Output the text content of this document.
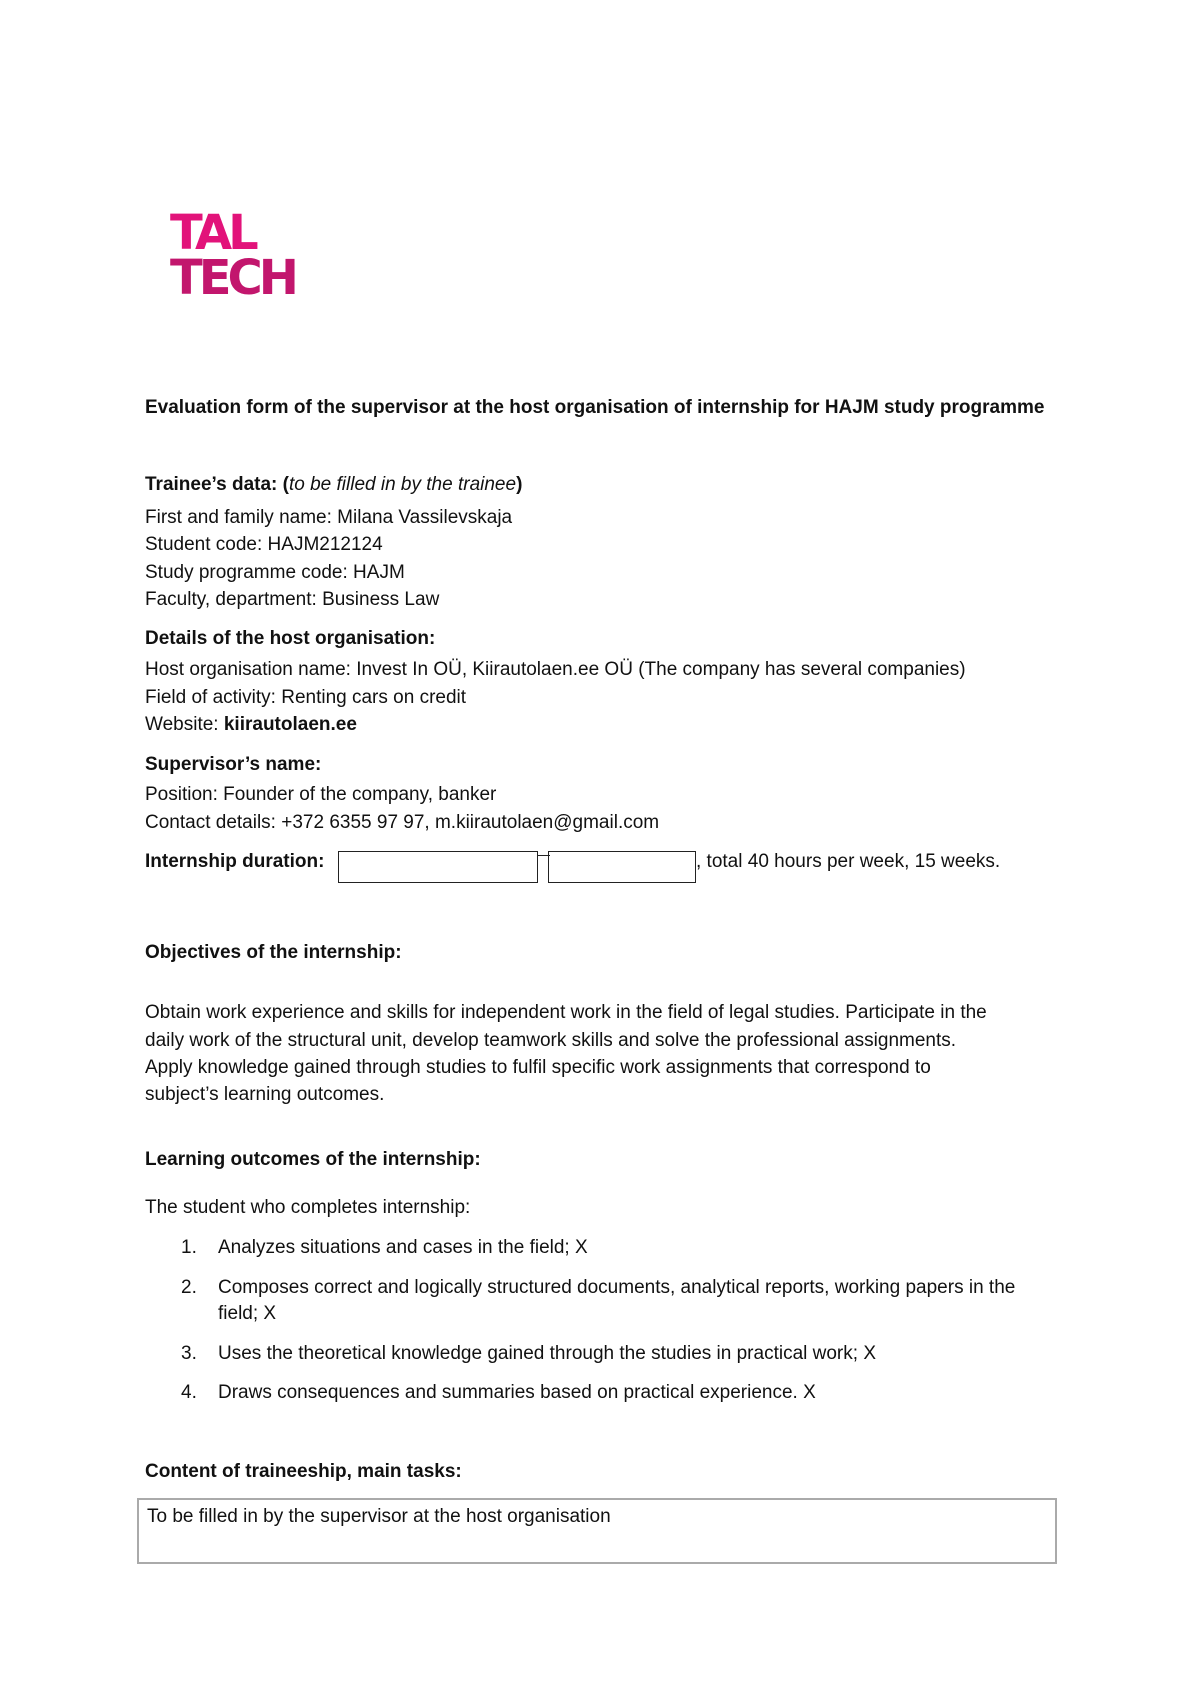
TAL
TECH
Evaluation form of the supervisor at the host organisation of internship for HAJM study programme
Trainee’s data: (to be filled in by the trainee)
First and family name: Milana Vassilevskaja
Student code: HAJM212124
Study programme code: HAJM
Faculty, department: Business Law
Details of the host organisation:
Host organisation name: Invest In OÜ, Kiirautolaen.ee OÜ (The company has several companies)
Field of activity: Renting cars on credit
Website: kiirautolaen.ee
Supervisor’s name:
Position: Founder of the company, banker
Contact details: +372 6355 97 97, m.kiirautolaen@gmail.com
Internship duration:	, total 40 hours per week, 15 weeks.
Objectives of the internship:
Obtain work experience and skills for independent work in the field of legal studies. Participate in the
daily work of the structural unit, develop teamwork skills and solve the professional assignments.
Apply knowledge gained through studies to fulfil specific work assignments that correspond to
subject’s learning outcomes.
Learning outcomes of the internship:
The student who completes internship:
1.	Analyzes situations and cases in the field; X
2.	Composes correct and logically structured documents, analytical reports, working papers in the field; X
3.	Uses the theoretical knowledge gained through the studies in practical work; X
4.	Draws consequences and summaries based on practical experience. X
Content of traineeship, main tasks:
To be filled in by the supervisor at the host organisation
